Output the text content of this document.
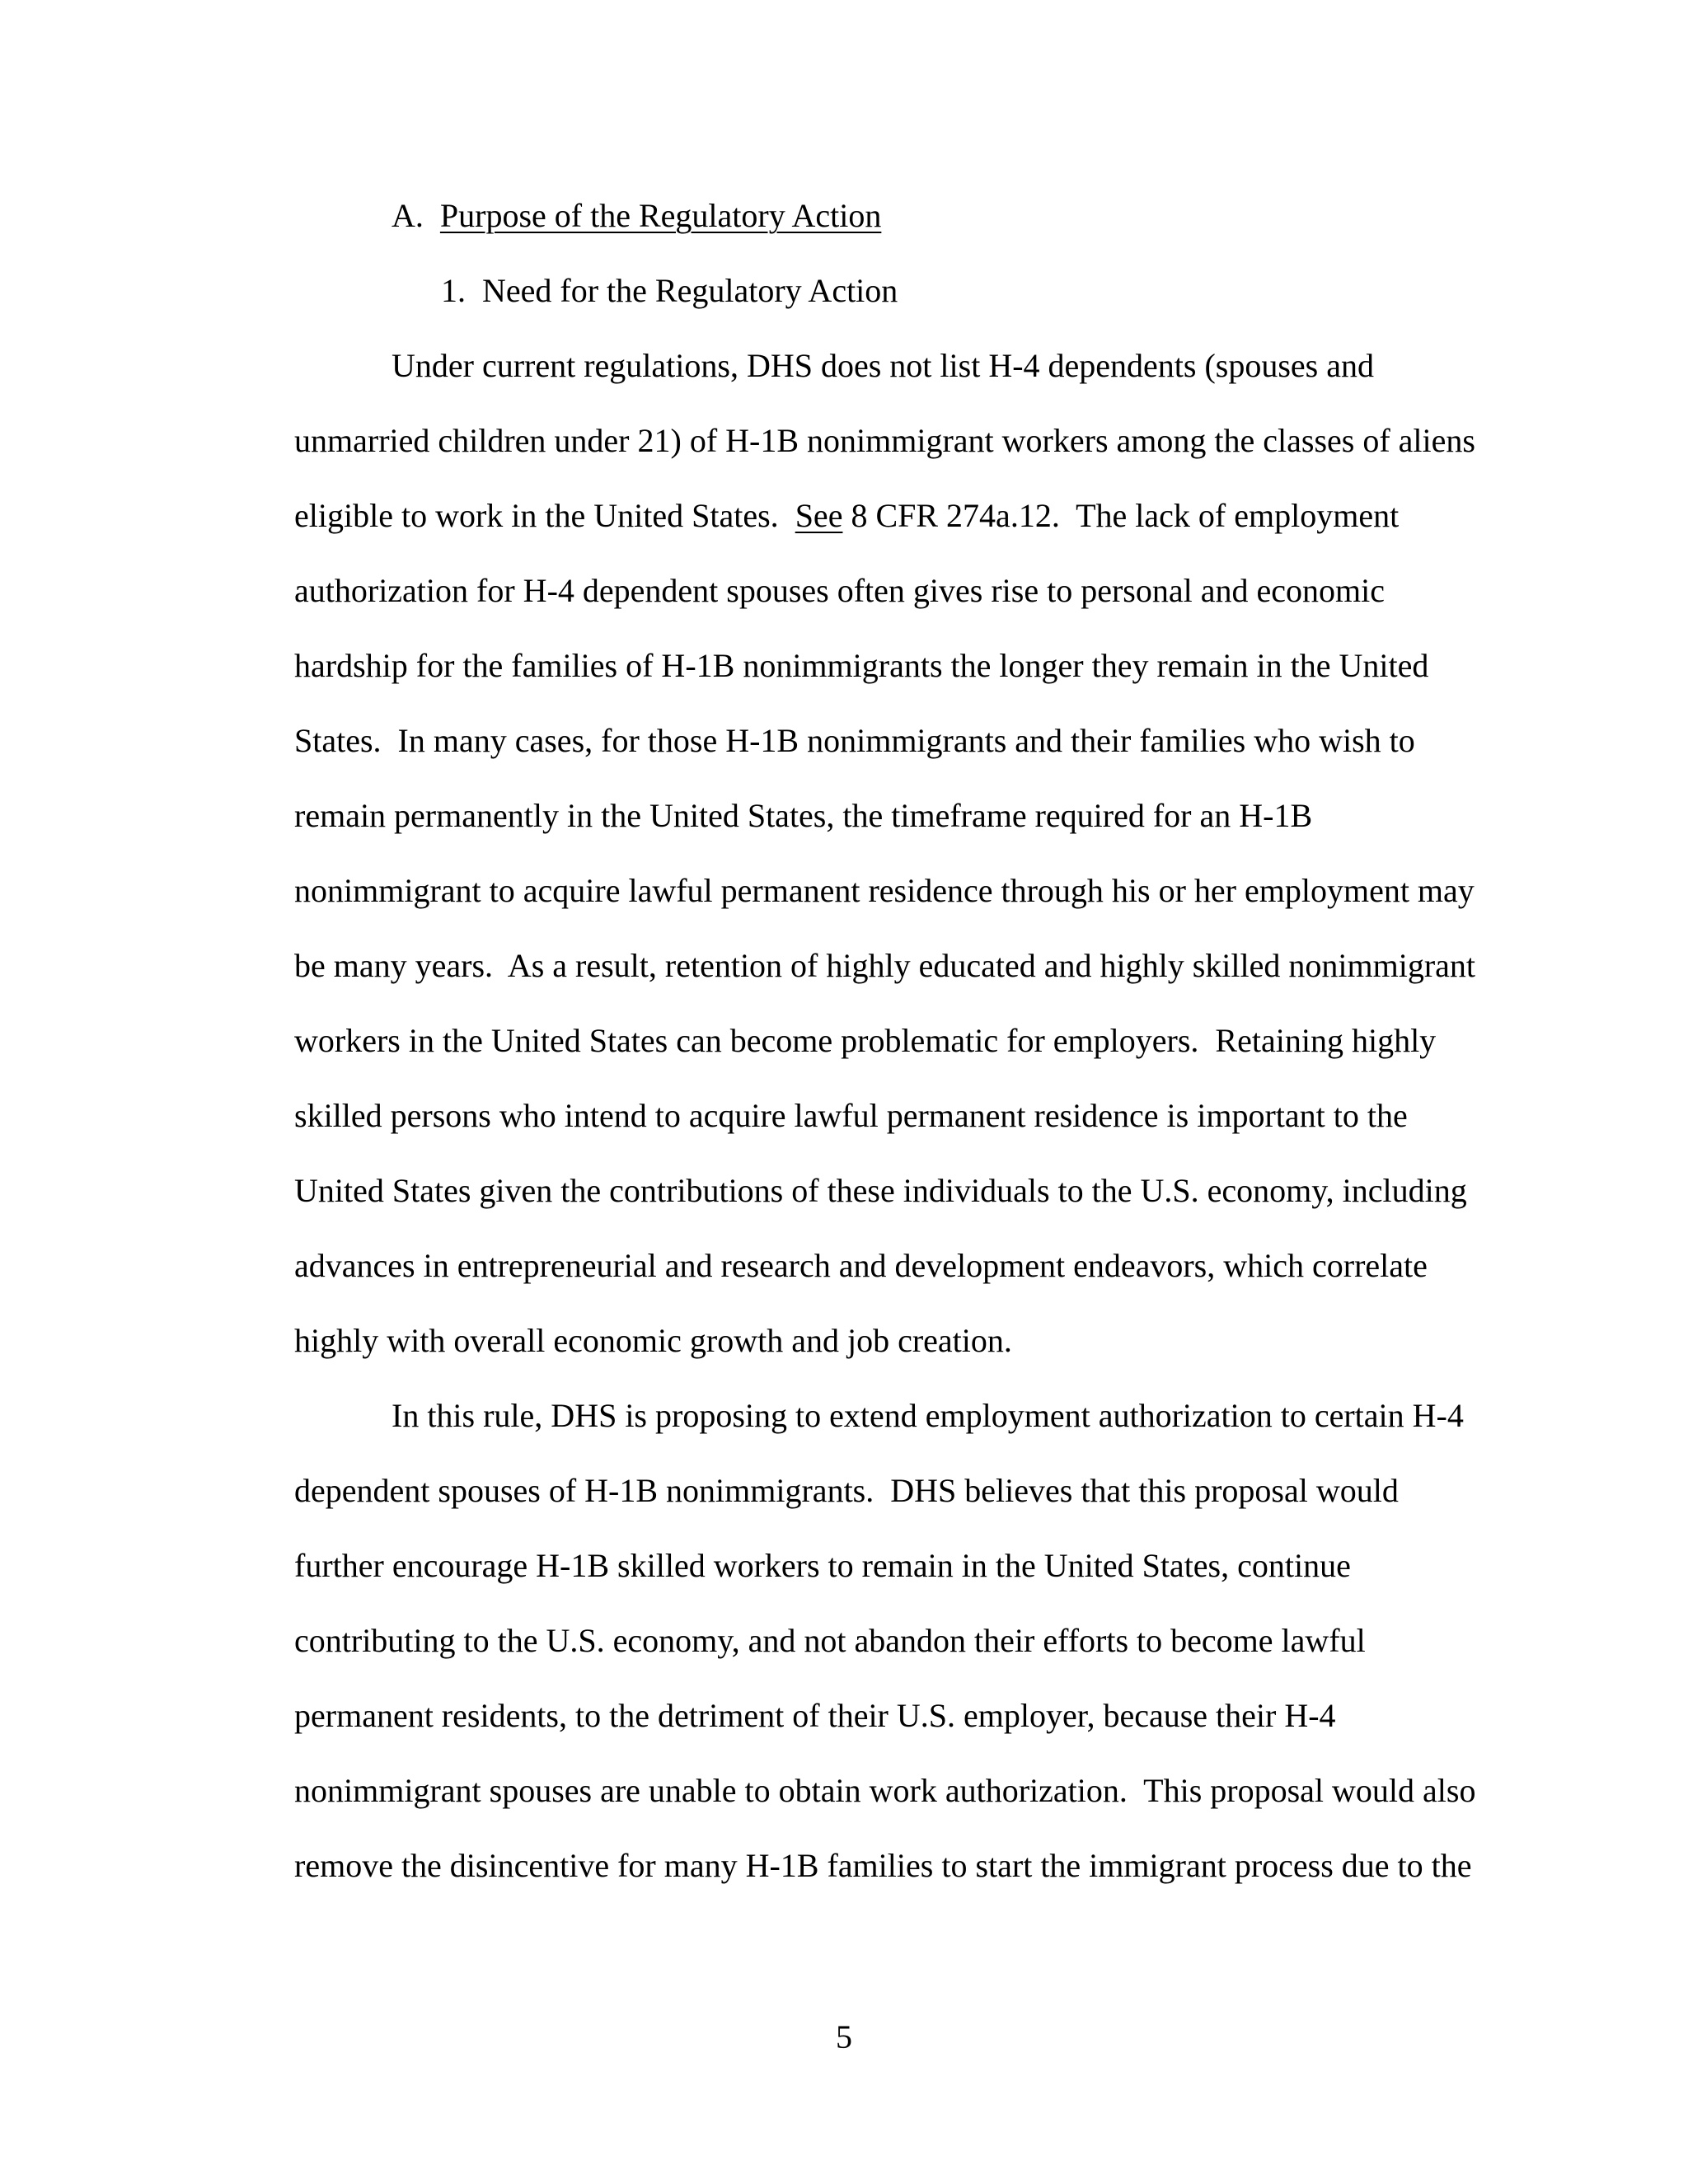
A. Purpose of the Regulatory Action
1. Need for the Regulatory Action
Under current regulations, DHS does not list H-4 dependents (spouses and
unmarried children under 21) of H-1B nonimmigrant workers among the classes of aliens
eligible to work in the United States.  See 8 CFR 274a.12.  The lack of employment
authorization for H-4 dependent spouses often gives rise to personal and economic
hardship for the families of H-1B nonimmigrants the longer they remain in the United
States.  In many cases, for those H-1B nonimmigrants and their families who wish to
remain permanently in the United States, the timeframe required for an H-1B
nonimmigrant to acquire lawful permanent residence through his or her employment may
be many years.  As a result, retention of highly educated and highly skilled nonimmigrant
workers in the United States can become problematic for employers.  Retaining highly
skilled persons who intend to acquire lawful permanent residence is important to the
United States given the contributions of these individuals to the U.S. economy, including
advances in entrepreneurial and research and development endeavors, which correlate
highly with overall economic growth and job creation.
In this rule, DHS is proposing to extend employment authorization to certain H-4
dependent spouses of H-1B nonimmigrants.  DHS believes that this proposal would
further encourage H-1B skilled workers to remain in the United States, continue
contributing to the U.S. economy, and not abandon their efforts to become lawful
permanent residents, to the detriment of their U.S. employer, because their H-4
nonimmigrant spouses are unable to obtain work authorization.  This proposal would also
remove the disincentive for many H-1B families to start the immigrant process due to the
5
